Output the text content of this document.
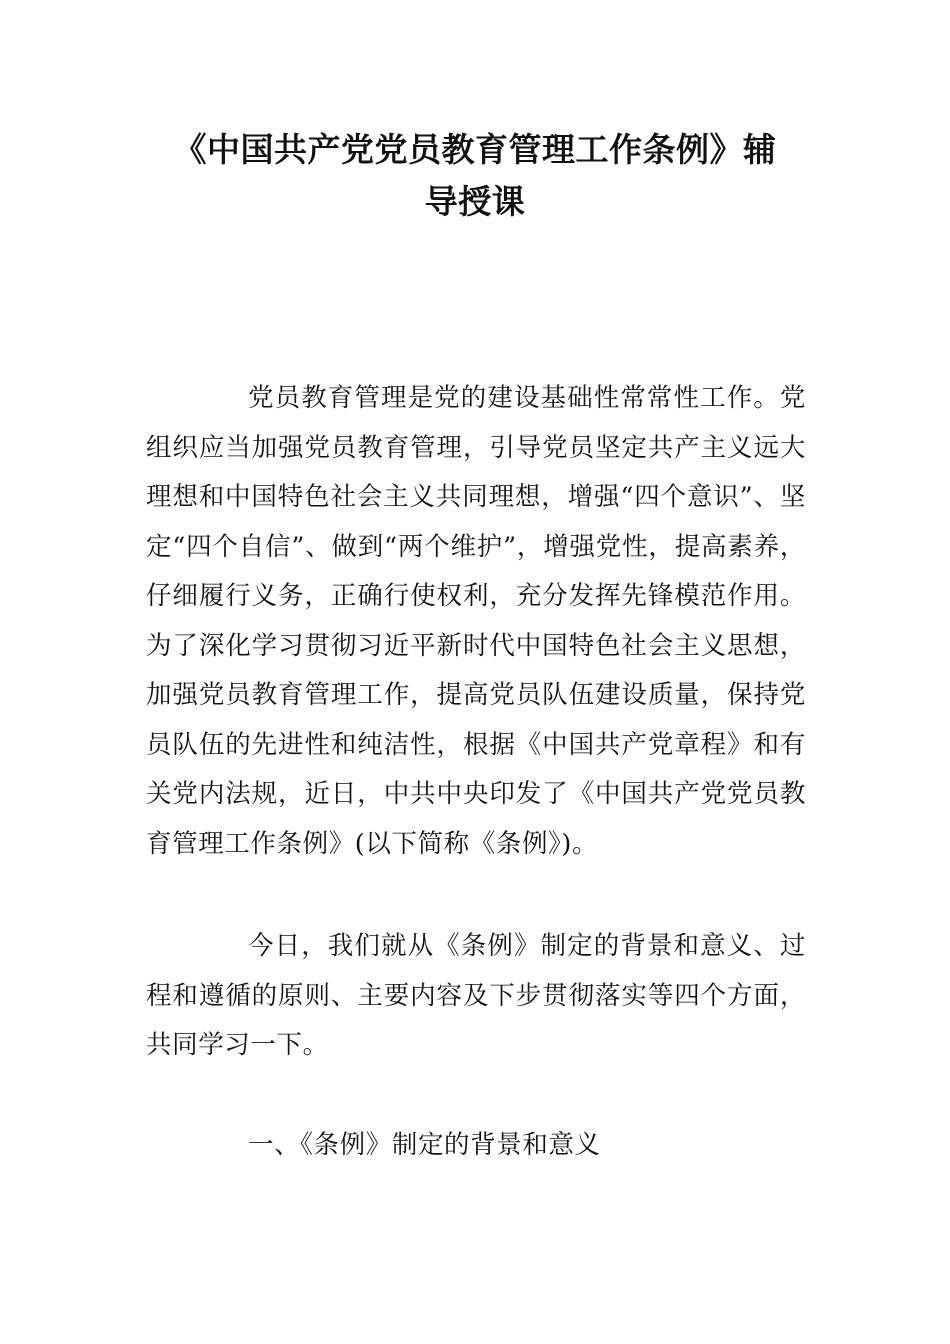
《中国共产党党员教育管理工作条例》辅
导授课

党员教育管理是党的建设基础性常常性工作。党组织应当加强党员教育管理，引导党员坚定共产主义远大理想和中国特色社会主义共同理想，增强“四个意识”、坚定“四个自信”、做到“两个维护”，增强党性，提高素养，仔细履行义务，正确行使权利，充分发挥先锋模范作用。为了深化学习贯彻习近平新时代中国特色社会主义思想，加强党员教育管理工作，提高党员队伍建设质量，保持党员队伍的先进性和纯洁性，根据《中国共产党章程》和有关党内法规，近日，中共中央印发了《中国共产党党员教育管理工作条例》(以下简称《条例》)。

今日，我们就从《条例》制定的背景和意义、过程和遵循的原则、主要内容及下步贯彻落实等四个方面，共同学习一下。

一、《条例》制定的背景和意义
